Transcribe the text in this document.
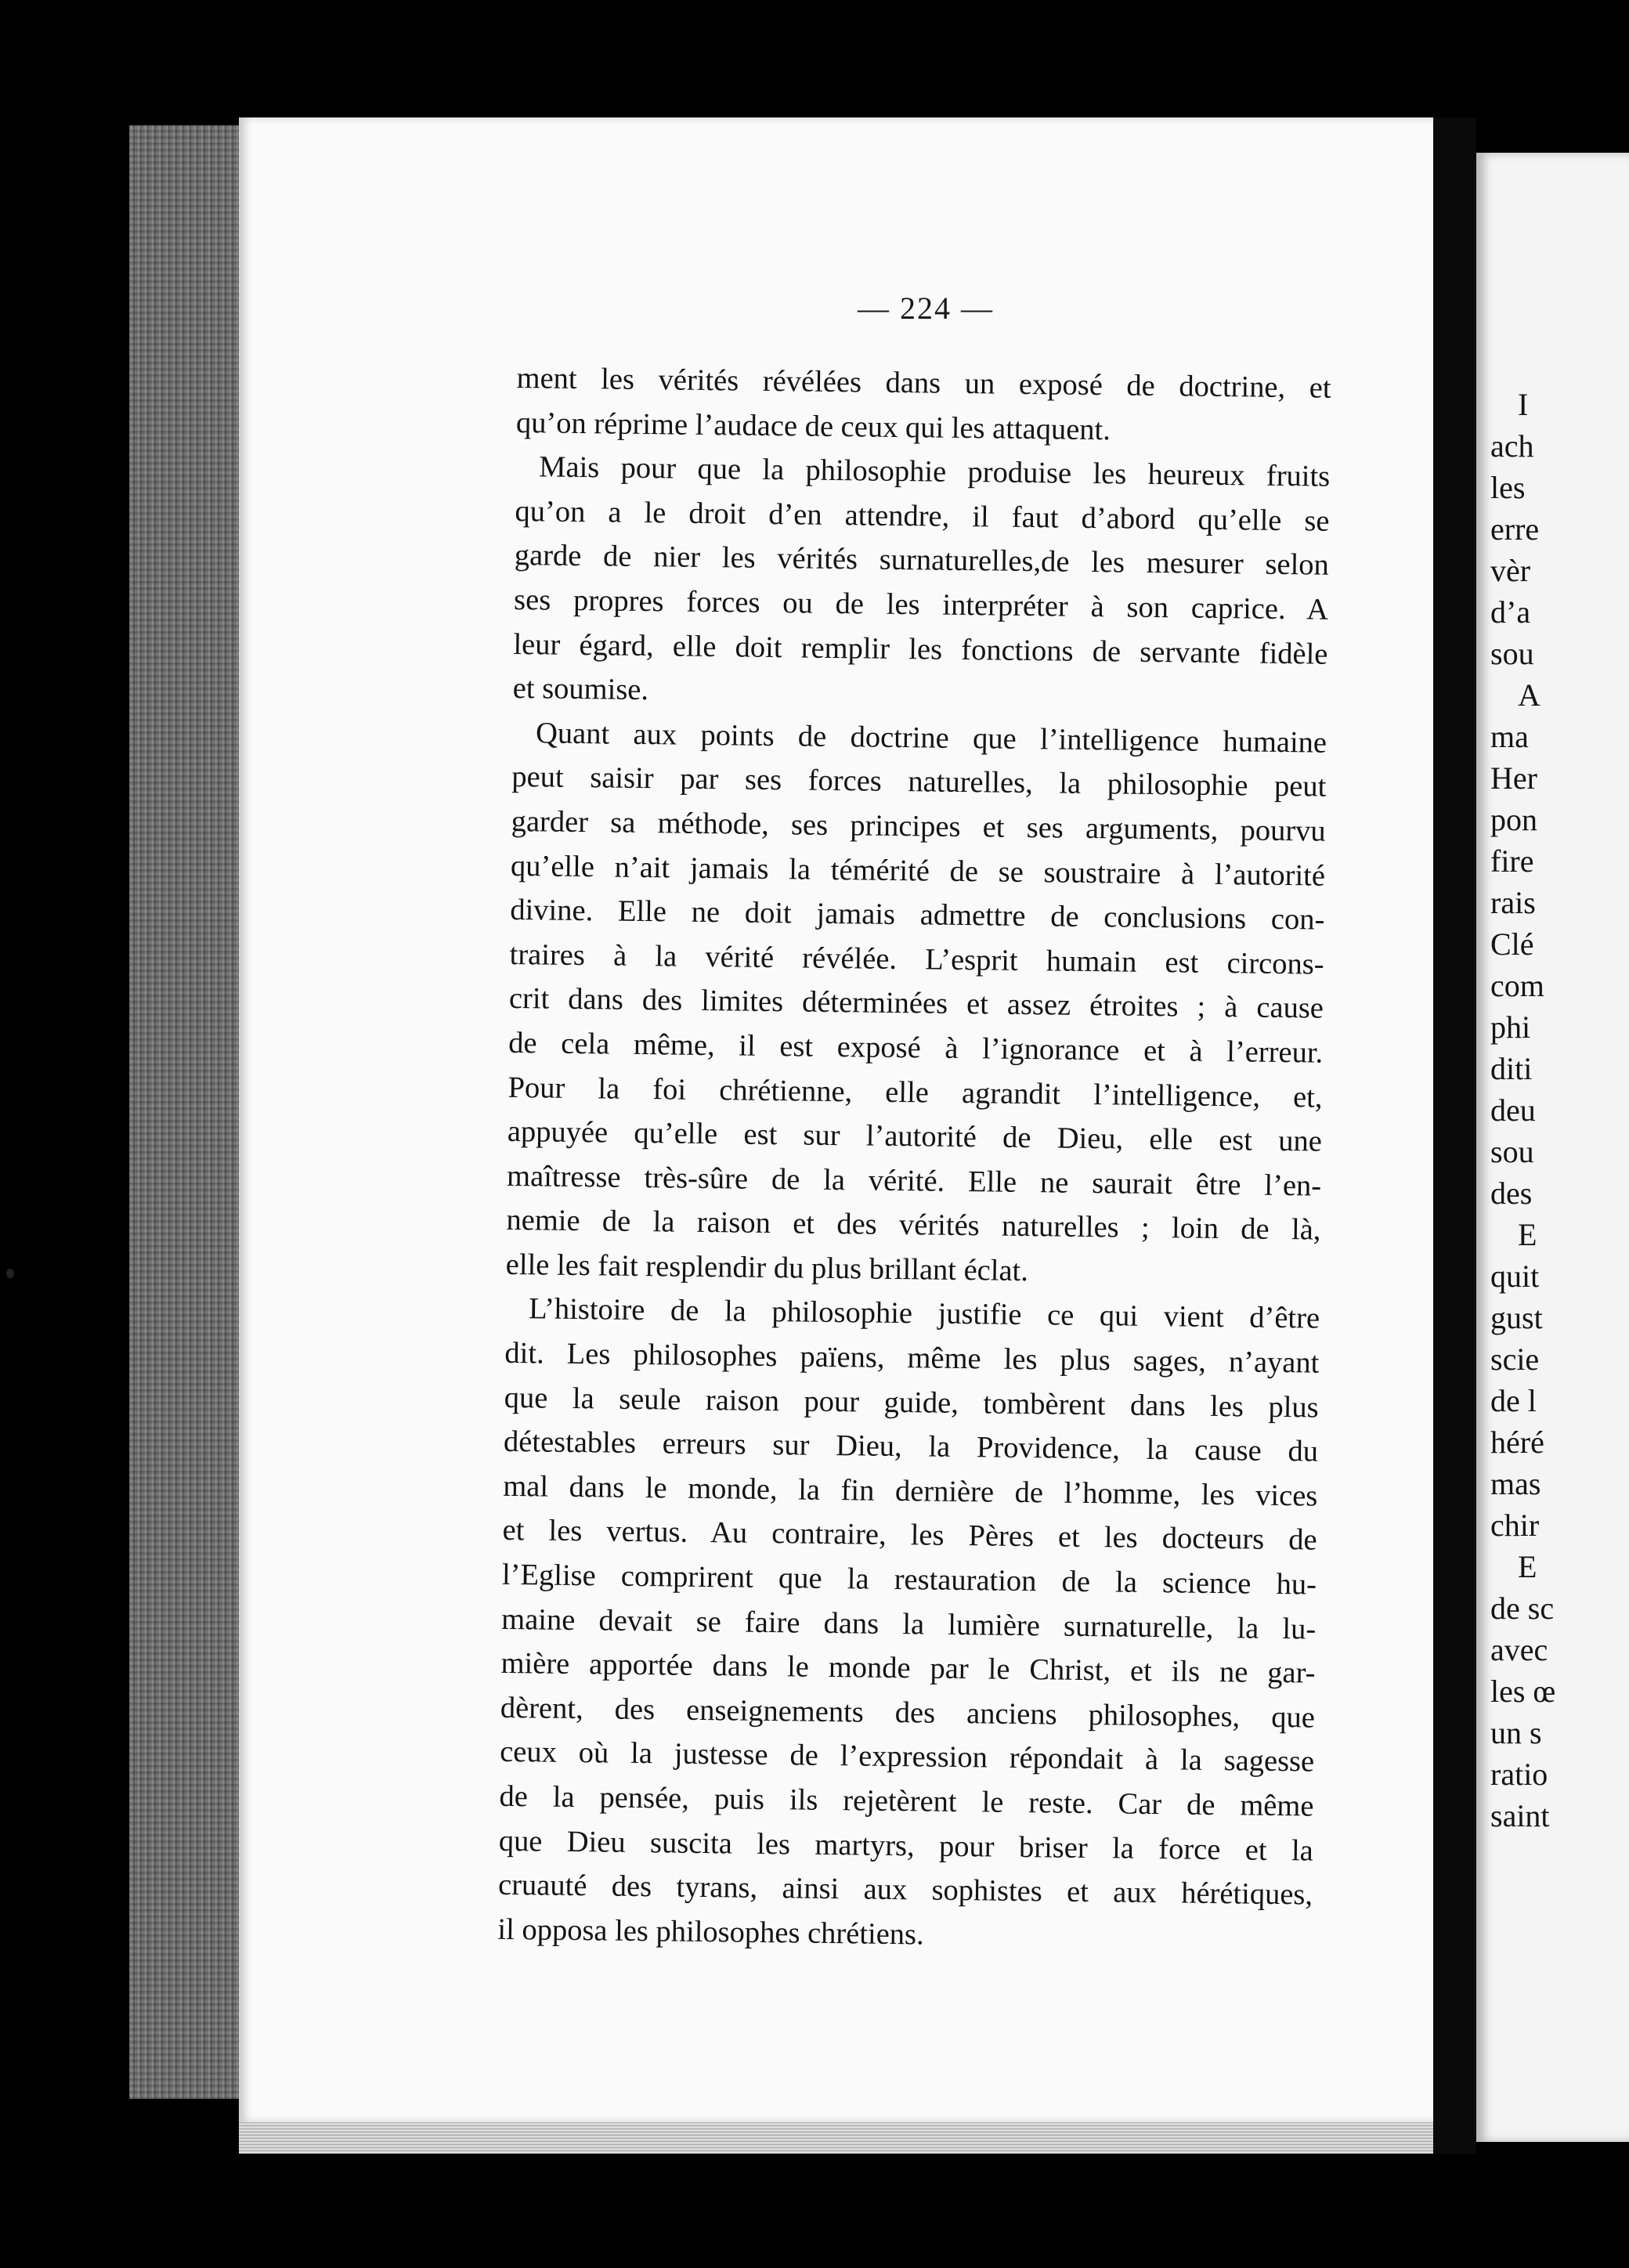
I
ach
les
erre
vèr
d’a
sou
A
ma
Her
pon
fire
rais
Clé
com
phi
diti
deu
sou
des
E
quit
gust
scie
de l
héré
mas
chir
E
de sc
avec
les œ
un s
ratio
saint
— 224 —
ment les vérités révélées dans un exposé de doctrine, et
qu’on réprime l’audace de ceux qui les attaquent.
Mais pour que la philosophie produise les heureux fruits
qu’on a le droit d’en attendre, il faut d’abord qu’elle se
garde de nier les vérités surnaturelles,de les mesurer selon
ses propres forces ou de les interpréter à son caprice. A
leur égard, elle doit remplir les fonctions de servante fidèle
et soumise.
Quant aux points de doctrine que l’intelligence humaine
peut saisir par ses forces naturelles, la philosophie peut
garder sa méthode, ses principes et ses arguments, pourvu
qu’elle n’ait jamais la témérité de se soustraire à l’autorité
divine. Elle ne doit jamais admettre de conclusions con-
traires à la vérité révélée. L’esprit humain est circons-
crit dans des limites déterminées et assez étroites ; à cause
de cela même, il est exposé à l’ignorance et à l’erreur.
Pour la foi chrétienne, elle agrandit l’intelligence, et,
appuyée qu’elle est sur l’autorité de Dieu, elle est une
maîtresse très-sûre de la vérité. Elle ne saurait être l’en-
nemie de la raison et des vérités naturelles ; loin de là,
elle les fait resplendir du plus brillant éclat.
L’histoire de la philosophie justifie ce qui vient d’être
dit. Les philosophes païens, même les plus sages, n’ayant
que la seule raison pour guide, tombèrent dans les plus
détestables erreurs sur Dieu, la Providence, la cause du
mal dans le monde, la fin dernière de l’homme, les vices
et les vertus. Au contraire, les Pères et les docteurs de
l’Eglise comprirent que la restauration de la science hu-
maine devait se faire dans la lumière surnaturelle, la lu-
mière apportée dans le monde par le Christ, et ils ne gar-
dèrent, des enseignements des anciens philosophes, que
ceux où la justesse de l’expression répondait à la sagesse
de la pensée, puis ils rejetèrent le reste. Car de même
que Dieu suscita les martyrs, pour briser la force et la
cruauté des tyrans, ainsi aux sophistes et aux hérétiques,
il opposa les philosophes chrétiens.
